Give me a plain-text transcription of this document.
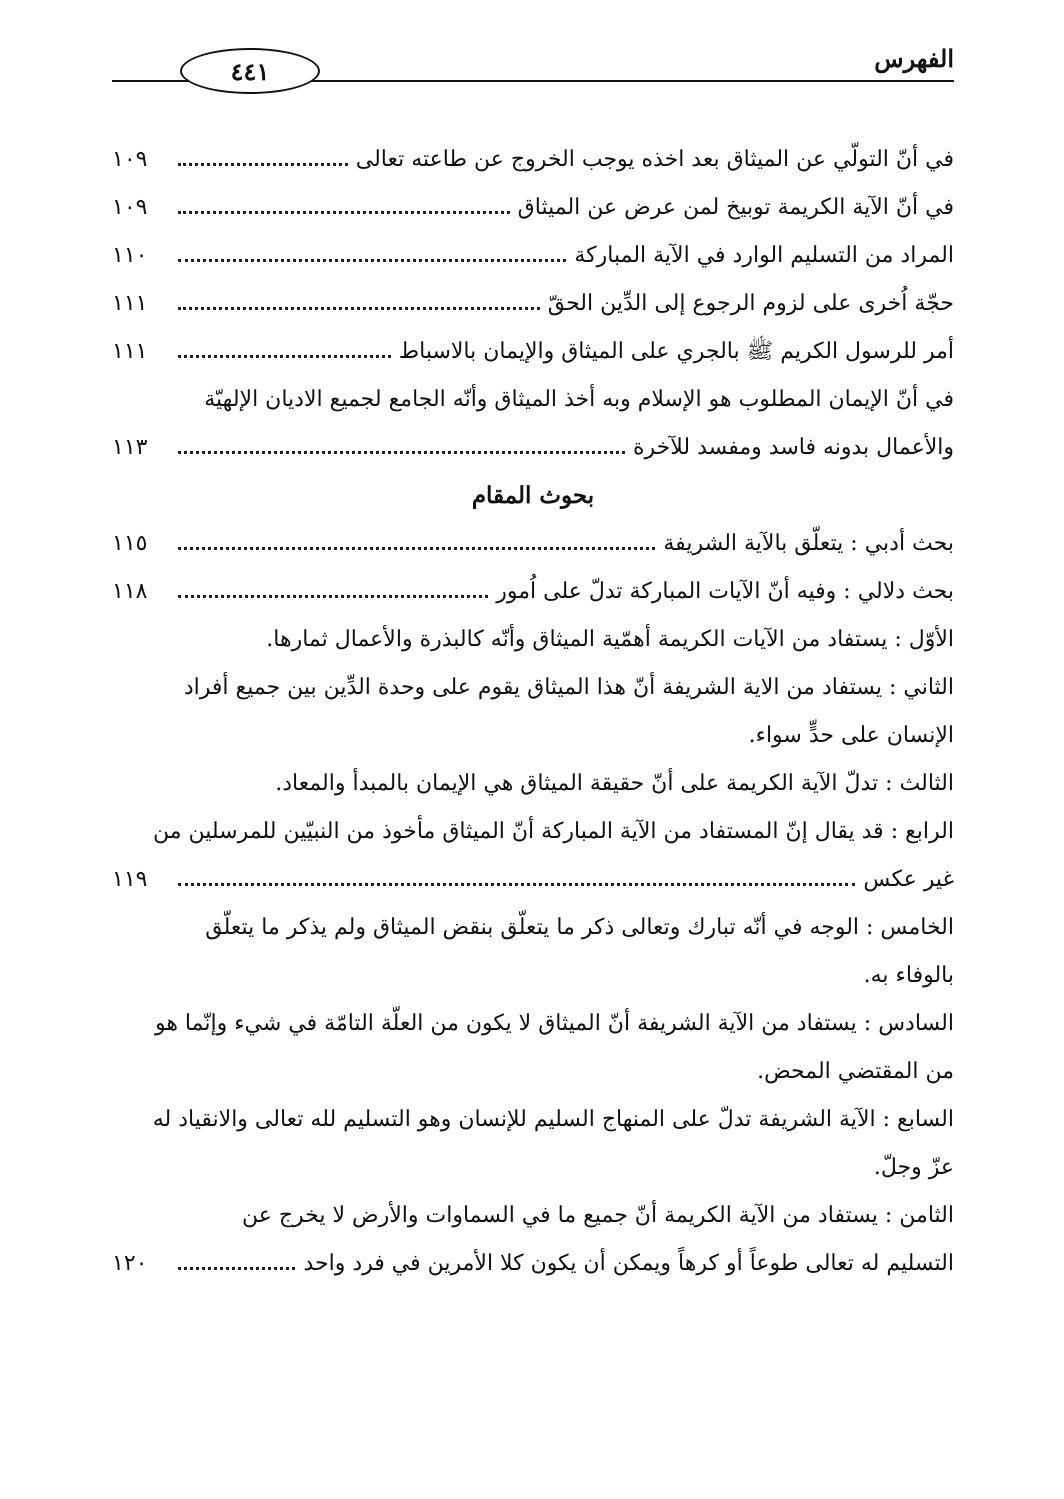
الفهرس
٤٤١
في أنّ التولّي عن الميثاق بعد اخذه يوجب الخروج عن طاعته تعالى
١٠٩
في أنّ الآية الكريمة توبيخ لمن عرض عن الميثاق
١٠٩
المراد من التسليم الوارد في الآية المباركة
١١٠
حجّة اُخرى على لزوم الرجوع إلى الدِّين الحقّ
١١١
أمر للرسول الكريم ﷺ بالجري على الميثاق والإيمان بالاسباط
١١١
في أنّ الإيمان المطلوب هو الإسلام وبه أخذ الميثاق وأنّه الجامع لجميع الاديان الإلهيّة
والأعمال بدونه فاسد ومفسد للآخرة
١١٣
بحوث المقام
بحث أدبي : يتعلّق بالآية الشريفة
١١٥
بحث دلالي : وفيه أنّ الآيات المباركة تدلّ على اُمور
١١٨
الأوّل : يستفاد من الآيات الكريمة أهمّية الميثاق وأنّه كالبذرة والأعمال ثمارها.
الثاني : يستفاد من الاية الشريفة أنّ هذا الميثاق يقوم على وحدة الدِّين بين جميع أفراد
الإنسان على حدٍّ سواء.
الثالث : تدلّ الآية الكريمة على أنّ حقيقة الميثاق هي الإيمان بالمبدأ والمعاد.
الرابع : قد يقال إنّ المستفاد من الآية المباركة أنّ الميثاق مأخوذ من النبيّين للمرسلين من
غير عكس
١١٩
الخامس : الوجه في أنّه تبارك وتعالى ذكر ما يتعلّق بنقض الميثاق ولم يذكر ما يتعلّق
بالوفاء به.
السادس : يستفاد من الآية الشريفة أنّ الميثاق لا يكون من العلّة التامّة في شيء وإنّما هو
من المقتضي المحض.
السابع : الآية الشريفة تدلّ على المنهاج السليم للإنسان وهو التسليم لله تعالى والانقياد له
عزّ وجلّ.
الثامن : يستفاد من الآية الكريمة أنّ جميع ما في السماوات والأرض لا يخرج عن
التسليم له تعالى طوعاً أو كرهاً ويمكن أن يكون كلا الأمرين في فرد واحد
١٢٠
